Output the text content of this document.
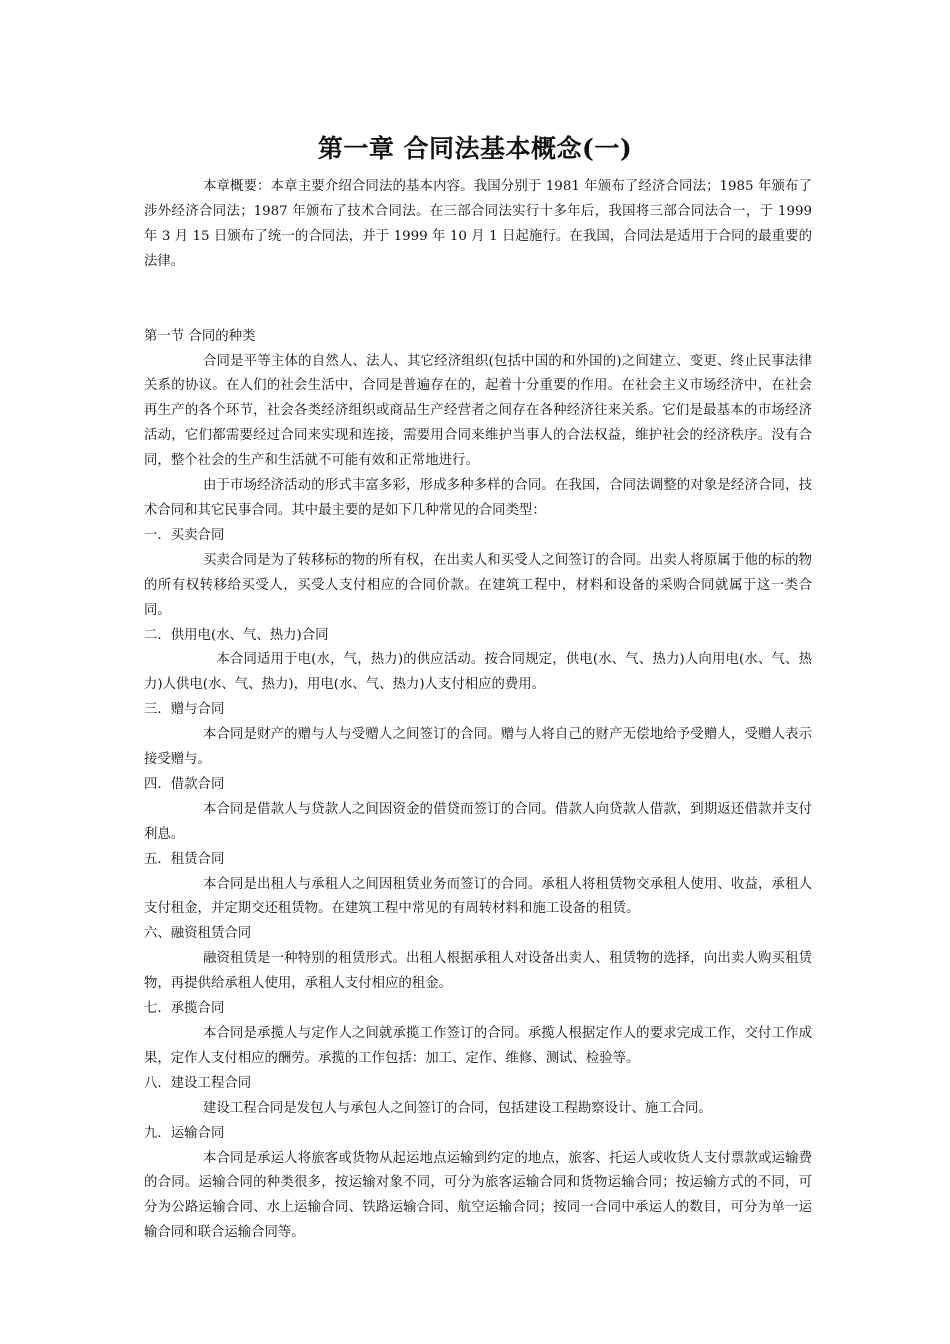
第一章 合同法基本概念(一)

本章概要：本章主要介绍合同法的基本内容。我国分别于 1981 年颁布了经济合同法；1985 年颁布了涉外经济合同法；1987 年颁布了技术合同法。在三部合同法实行十多年后，我国将三部合同法合一，于 1999 年 3 月 15 日颁布了统一的合同法，并于 1999 年 10 月 1 日起施行。在我国，合同法是适用于合同的最重要的法律。

第一节 合同的种类

合同是平等主体的自然人、法人、其它经济组织(包括中国的和外国的)之间建立、变更、终止民事法律关系的协议。在人们的社会生活中，合同是普遍存在的，起着十分重要的作用。在社会主义市场经济中，在社会再生产的各个环节，社会各类经济组织或商品生产经营者之间存在各种经济往来关系。它们是最基本的市场经济活动，它们都需要经过合同来实现和连接，需要用合同来维护当事人的合法权益，维护社会的经济秩序。没有合同，整个社会的生产和生活就不可能有效和正常地进行。

由于市场经济活动的形式丰富多彩，形成多种多样的合同。在我国，合同法调整的对象是经济合同，技术合同和其它民事合同。其中最主要的是如下几种常见的合同类型：

一．买卖合同

买卖合同是为了转移标的物的所有权，在出卖人和买受人之间签订的合同。出卖人将原属于他的标的物的所有权转移给买受人，买受人支付相应的合同价款。在建筑工程中，材料和设备的采购合同就属于这一类合同。

二．供用电(水、气、热力)合同

本合同适用于电(水，气，热力)的供应活动。按合同规定，供电(水、气、热力)人向用电(水、气、热力)人供电(水、气、热力)，用电(水、气、热力)人支付相应的费用。

三．赠与合同

本合同是财产的赠与人与受赠人之间签订的合同。赠与人将自己的财产无偿地给予受赠人，受赠人表示接受赠与。

四．借款合同

本合同是借款人与贷款人之间因资金的借贷而签订的合同。借款人向贷款人借款，到期返还借款并支付利息。

五．租赁合同

本合同是出租人与承租人之间因租赁业务而签订的合同。承租人将租赁物交承租人使用、收益，承租人支付租金，并定期交还租赁物。在建筑工程中常见的有周转材料和施工设备的租赁。

六、融资租赁合同

融资租赁是一种特别的租赁形式。出租人根据承租人对设备出卖人、租赁物的选择，向出卖人购买租赁物，再提供给承租人使用，承租人支付相应的租金。

七．承揽合同

本合同是承揽人与定作人之间就承揽工作签订的合同。承揽人根据定作人的要求完成工作，交付工作成果，定作人支付相应的酬劳。承揽的工作包括：加工、定作、维修、测试、检验等。

八．建设工程合同

建设工程合同是发包人与承包人之间签订的合同，包括建设工程勘察设计、施工合同。

九．运输合同

本合同是承运人将旅客或货物从起运地点运输到约定的地点，旅客、托运人或收货人支付票款或运输费的合同。运输合同的种类很多，按运输对象不同，可分为旅客运输合同和货物运输合同；按运输方式的不同，可分为公路运输合同、水上运输合同、铁路运输合同、航空运输合同；按同一合同中承运人的数目，可分为单一运输合同和联合运输合同等。
